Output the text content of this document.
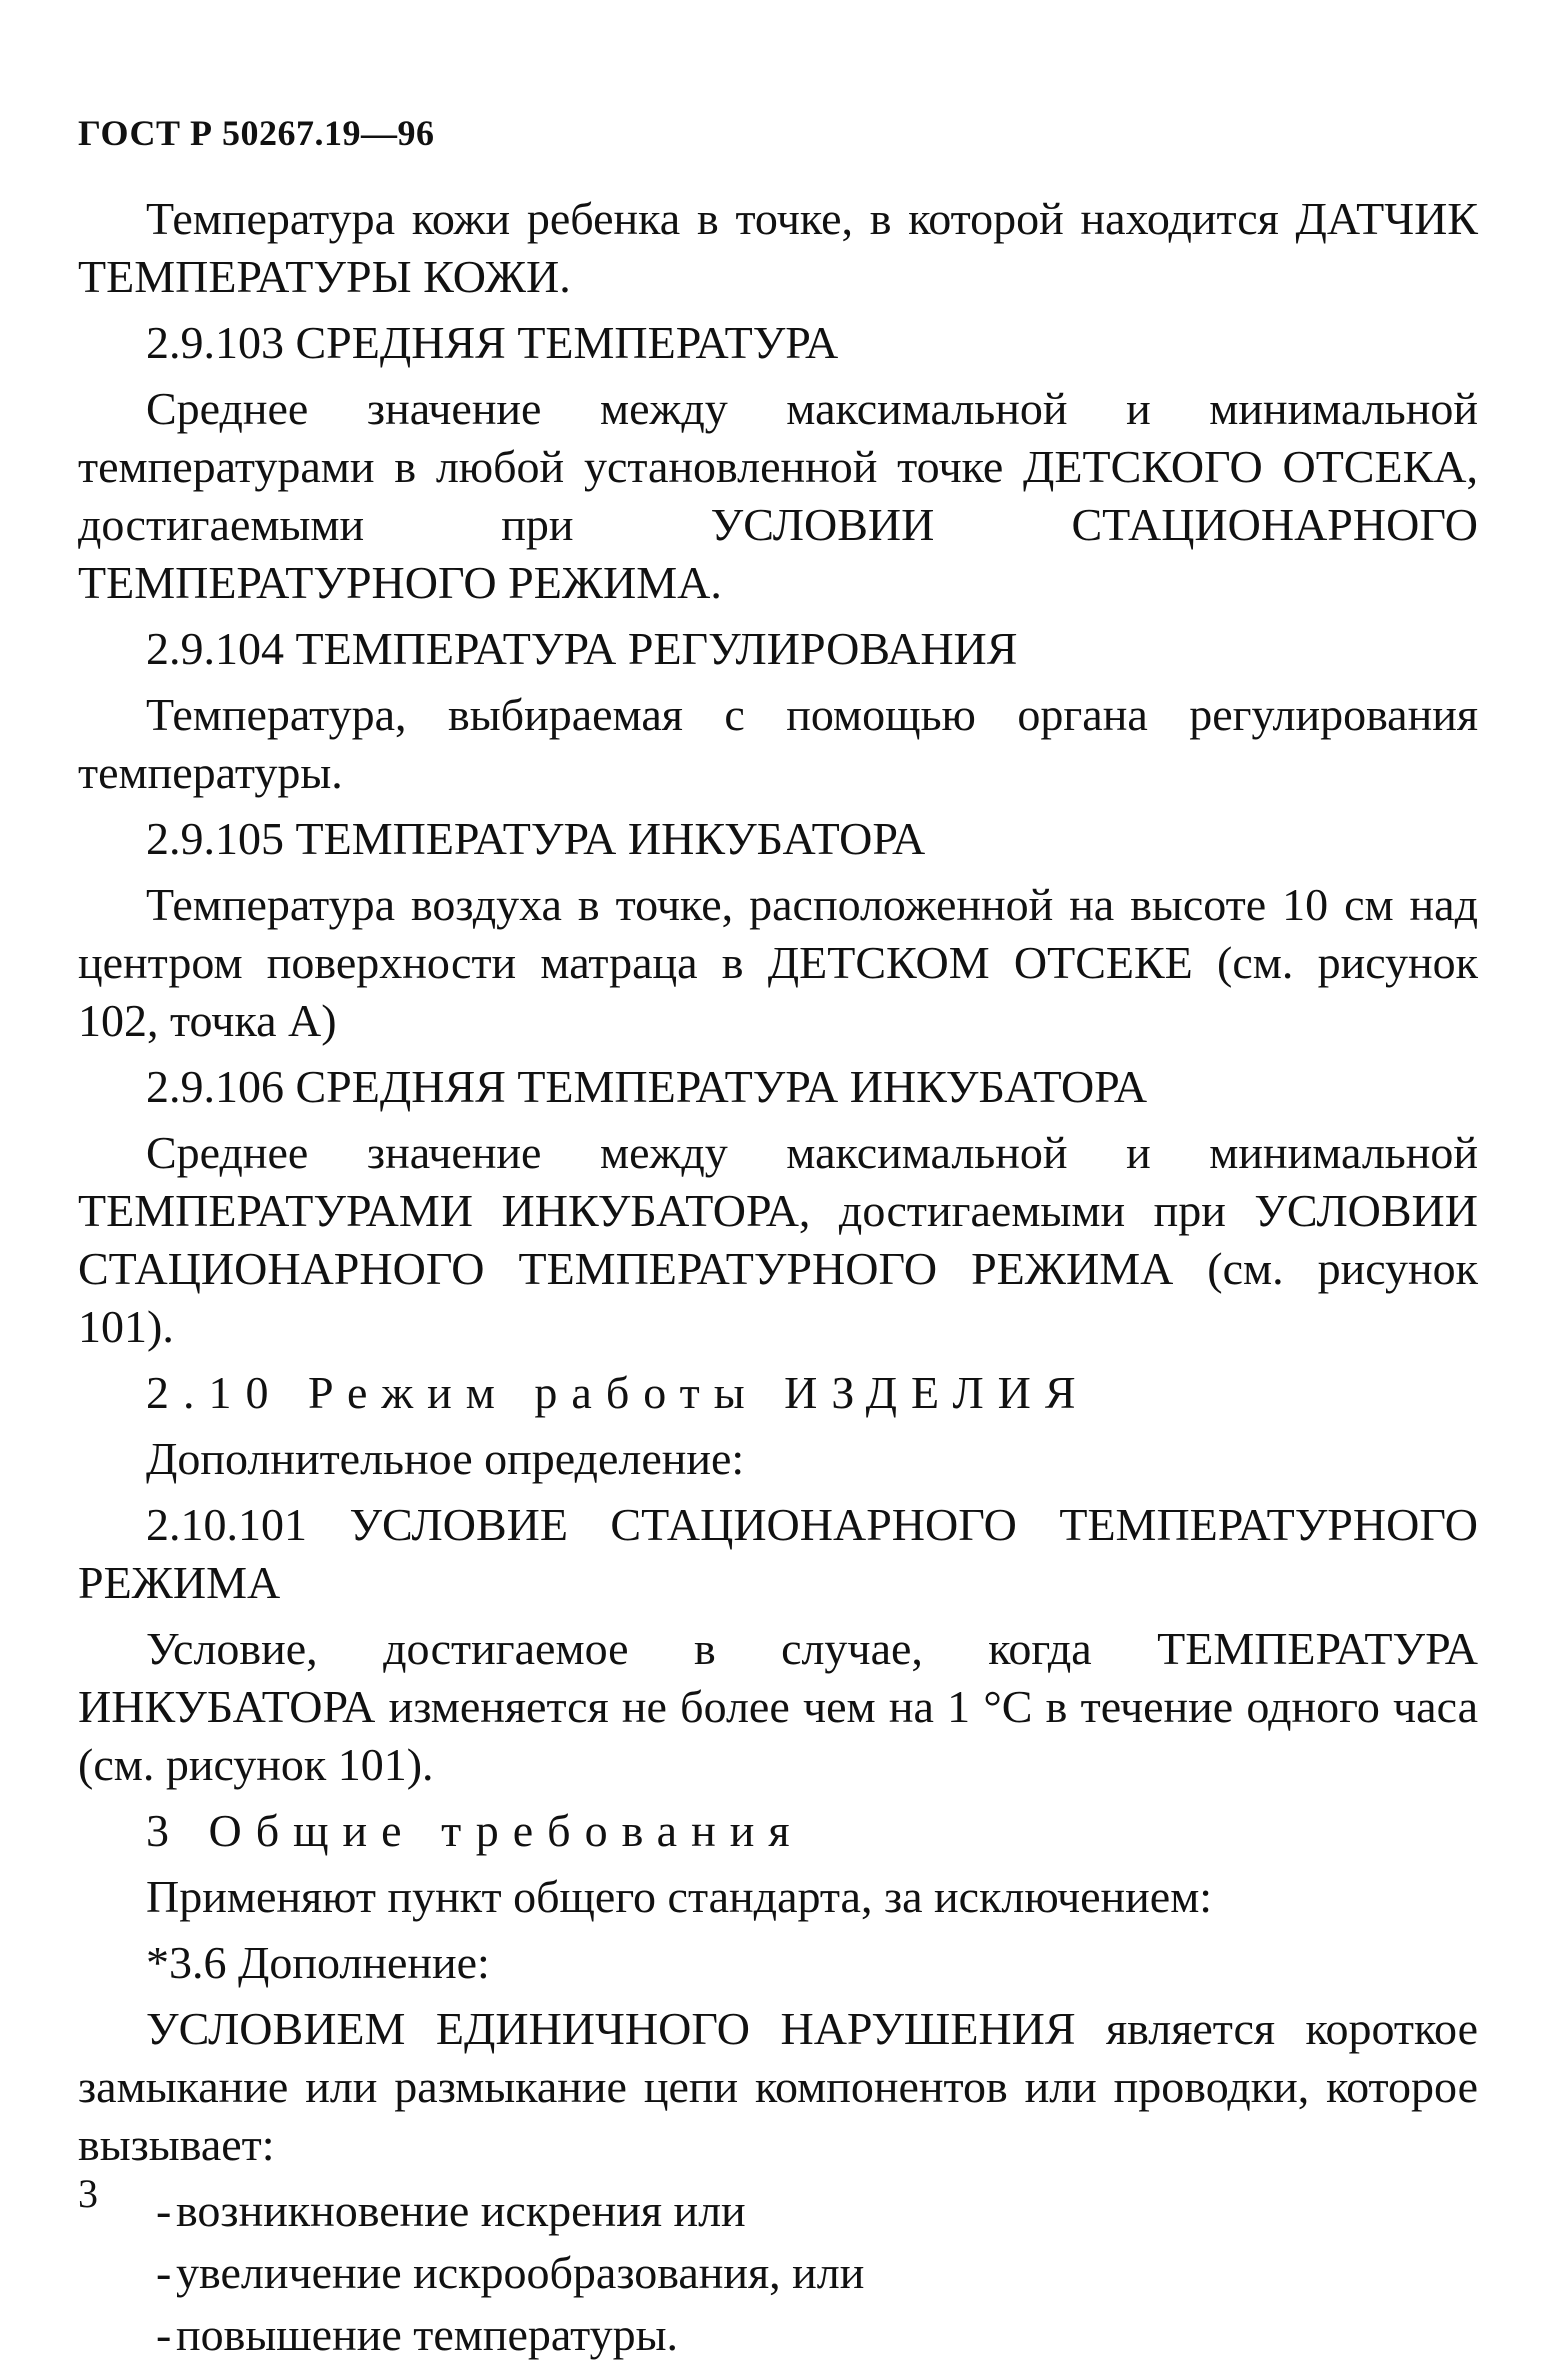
ГОСТ Р 50267.19—96

Температура кожи ребенка в точке, в которой находится ДАТЧИК ТЕМПЕРАТУРЫ КОЖИ.

2.9.103 СРЕДНЯЯ ТЕМПЕРАТУРА

Среднее значение между максимальной и минимальной температурами в любой установленной точке ДЕТСКОГО ОТСЕКА, достигаемыми при УСЛОВИИ СТАЦИОНАРНОГО ТЕМПЕРАТУРНОГО РЕЖИМА.

2.9.104 ТЕМПЕРАТУРА РЕГУЛИРОВАНИЯ

Температура, выбираемая с помощью органа регулирования температуры.

2.9.105 ТЕМПЕРАТУРА ИНКУБАТОРА

Температура воздуха в точке, расположенной на высоте 10 см над центром поверхности матраца в ДЕТСКОМ ОТСЕКЕ (см. рисунок 102, точка А)

2.9.106 СРЕДНЯЯ ТЕМПЕРАТУРА ИНКУБАТОРА

Среднее значение между максимальной и минимальной ТЕМПЕРАТУРАМИ ИНКУБАТОРА, достигаемыми при УСЛОВИИ СТАЦИОНАРНОГО ТЕМПЕРАТУРНОГО РЕЖИМА (см. рисунок 101).

2.10 Режим работы ИЗДЕЛИЯ

Дополнительное определение:

2.10.101 УСЛОВИЕ СТАЦИОНАРНОГО ТЕМПЕРАТУРНОГО РЕЖИМА

Условие, достигаемое в случае, когда ТЕМПЕРАТУРА ИНКУБАТОРА изменяется не более чем на 1 °С в течение одного часа (см. рисунок 101).

3 Общие требования

Применяют пункт общего стандарта, за исключением:

*3.6 Дополнение:

УСЛОВИЕМ ЕДИНИЧНОГО НАРУШЕНИЯ является короткое замыкание или размыкание цепи компонентов или проводки, которое вызывает:

- возникновение искрения или
- увеличение искрообразования, или
- повышение температуры.
3
